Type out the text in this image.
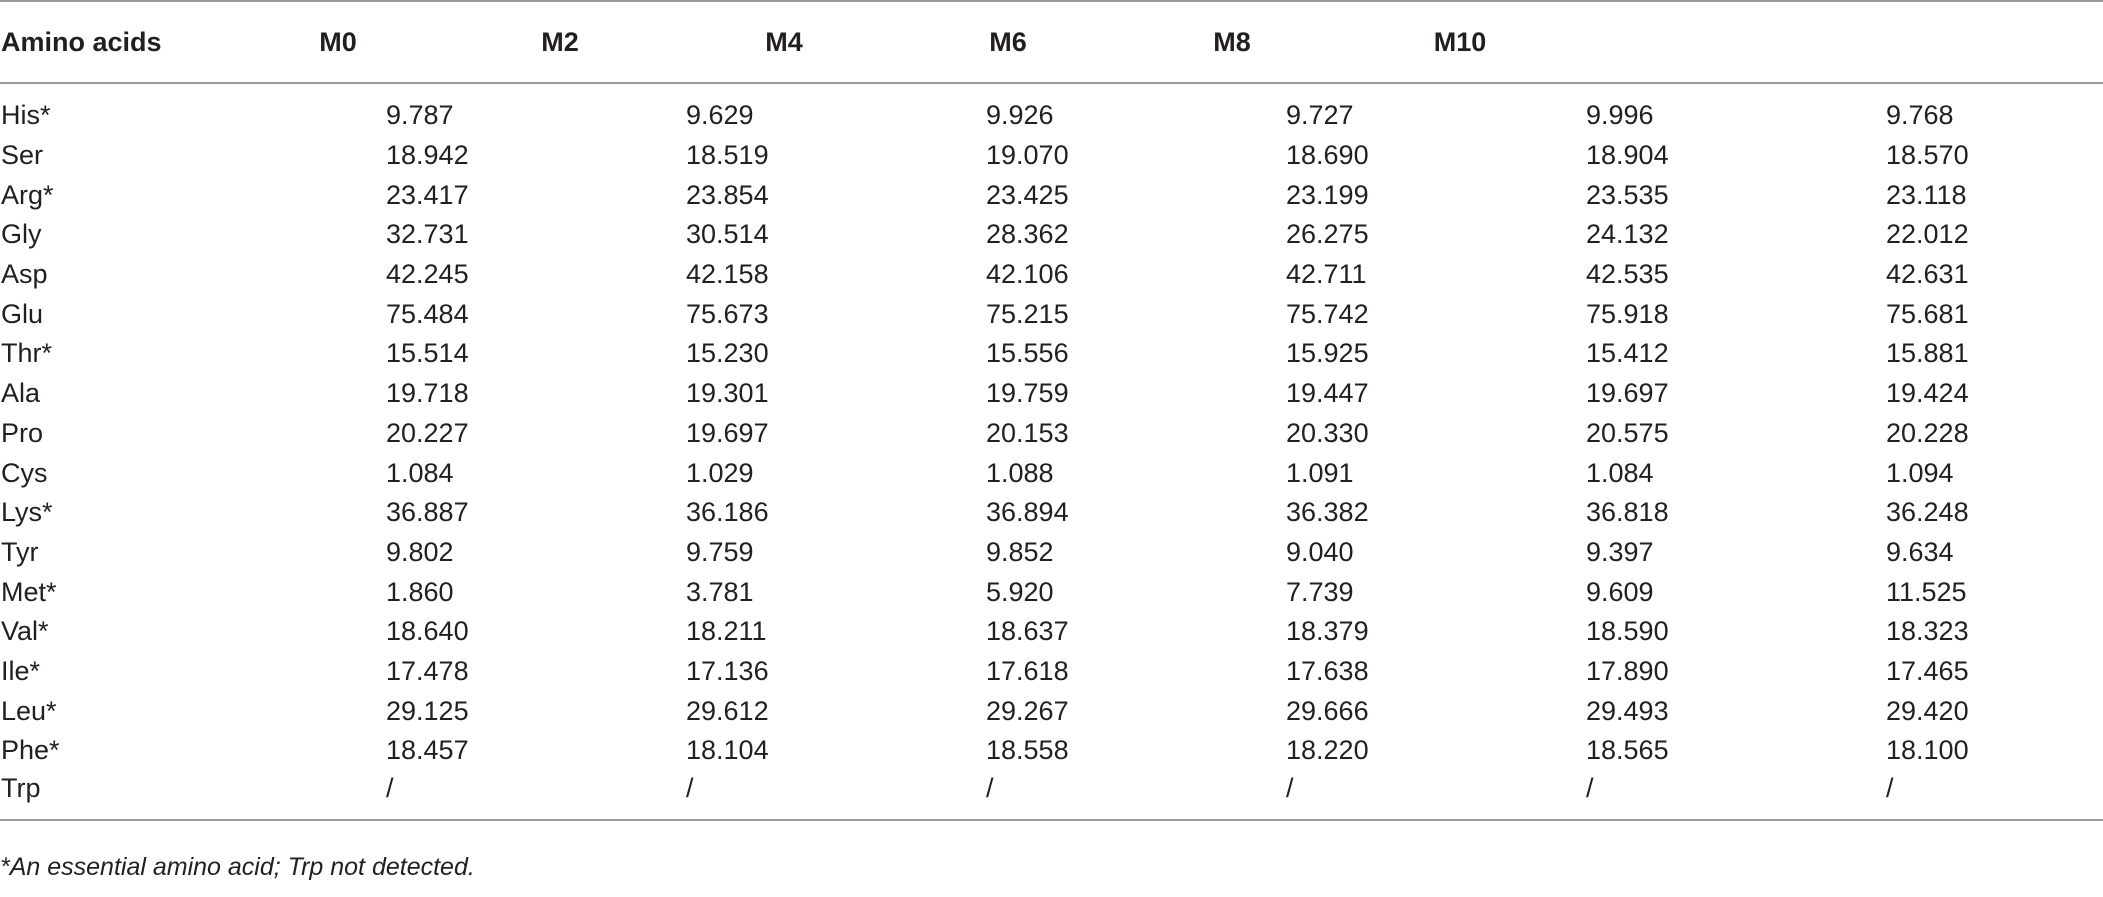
Amino acids	M0	M2	M4	M6	M8	M10
His*	9.787	9.629	9.926	9.727	9.996	9.768
Ser	18.942	18.519	19.070	18.690	18.904	18.570
Arg*	23.417	23.854	23.425	23.199	23.535	23.118
Gly	32.731	30.514	28.362	26.275	24.132	22.012
Asp	42.245	42.158	42.106	42.711	42.535	42.631
Glu	75.484	75.673	75.215	75.742	75.918	75.681
Thr*	15.514	15.230	15.556	15.925	15.412	15.881
Ala	19.718	19.301	19.759	19.447	19.697	19.424
Pro	20.227	19.697	20.153	20.330	20.575	20.228
Cys	1.084	1.029	1.088	1.091	1.084	1.094
Lys*	36.887	36.186	36.894	36.382	36.818	36.248
Tyr	9.802	9.759	9.852	9.040	9.397	9.634
Met*	1.860	3.781	5.920	7.739	9.609	11.525
Val*	18.640	18.211	18.637	18.379	18.590	18.323
Ile*	17.478	17.136	17.618	17.638	17.890	17.465
Leu*	29.125	29.612	29.267	29.666	29.493	29.420
Phe*	18.457	18.104	18.558	18.220	18.565	18.100
Trp	/	/	/	/	/	/
*An essential amino acid; Trp not detected.
